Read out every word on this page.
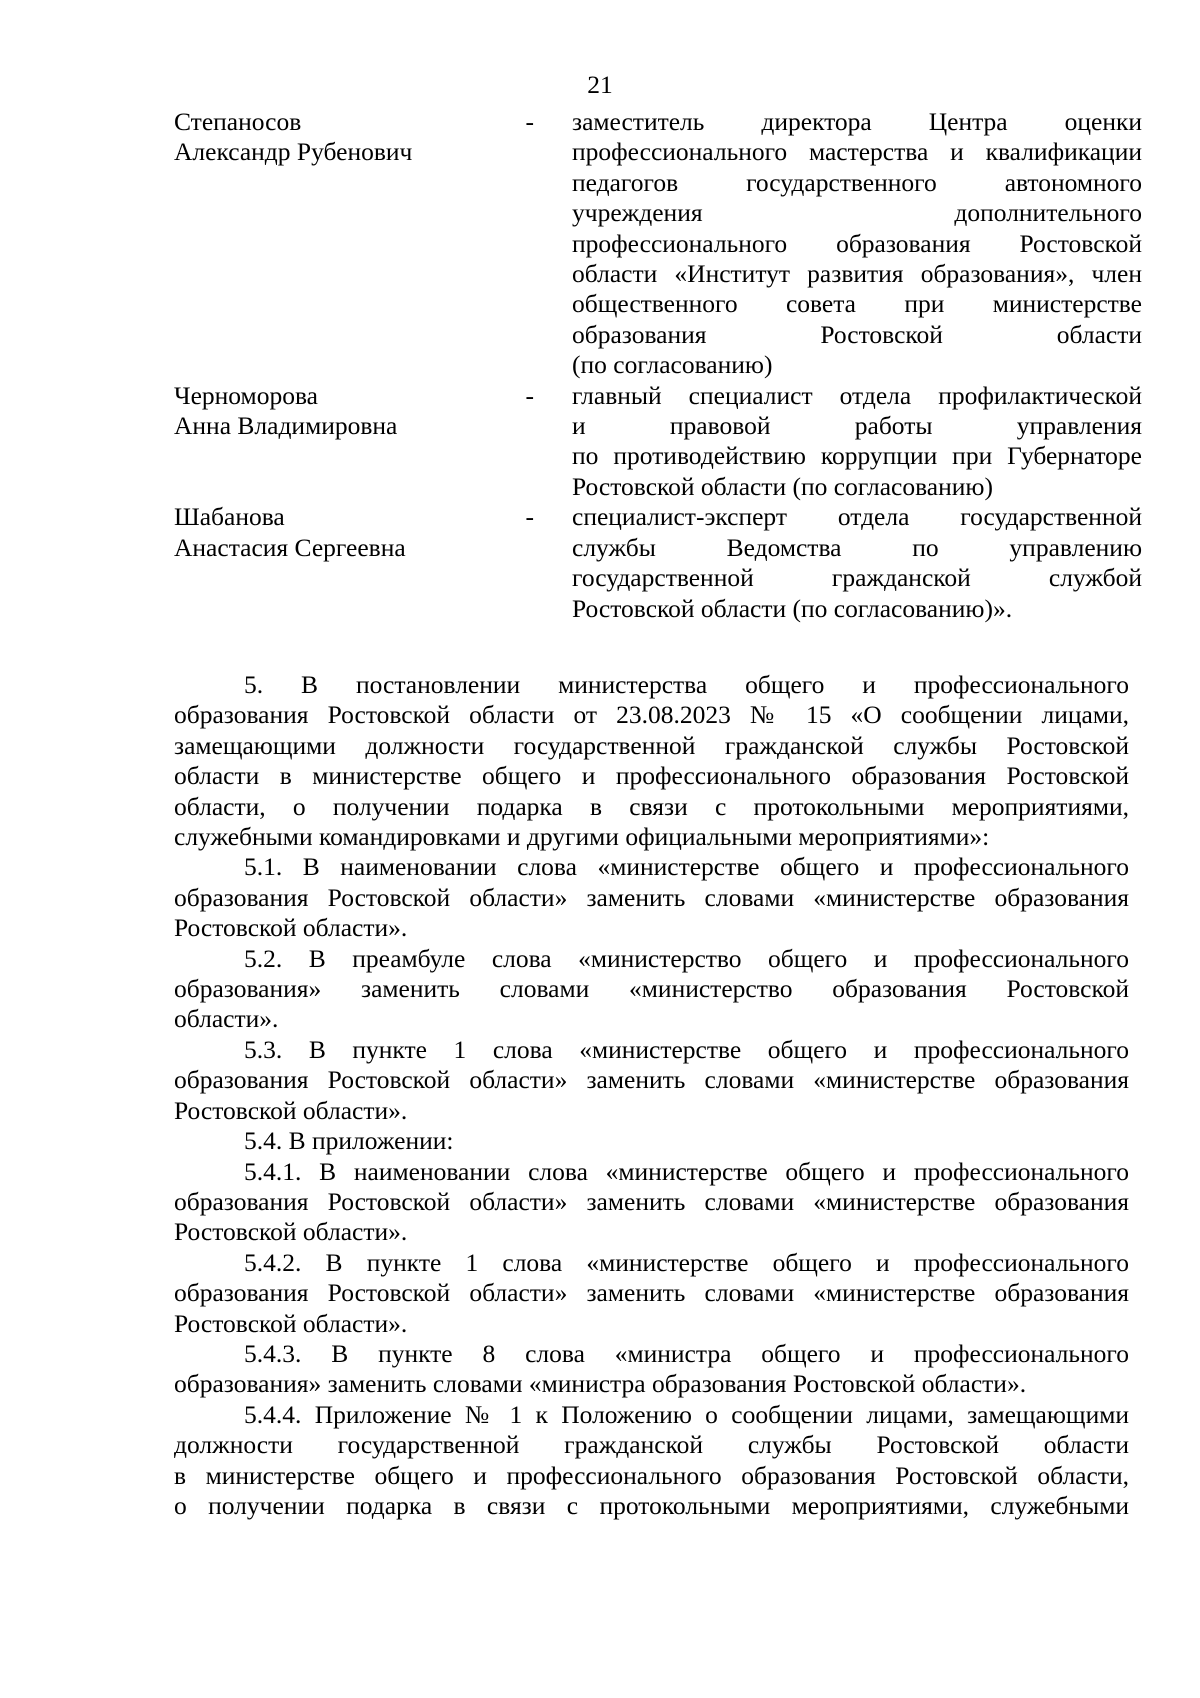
21
Степаносов
Александр Рубенович
- заместитель директора Центра оценки
профессионального мастерства и квалификации
педагогов государственного автономного
учреждения дополнительного
профессионального образования Ростовской
области «Институт развития образования», член
общественного совета при министерстве
образования Ростовской области
(по согласованию)
Черноморова
Анна Владимировна
- главный специалист отдела профилактической
и правовой работы управления
по противодействию коррупции при Губернаторе
Ростовской области (по согласованию)
Шабанова
Анастасия Сергеевна
- специалист-эксперт отдела государственной
службы Ведомства по управлению
государственной гражданской службой
Ростовской области (по согласованию)».

5. В постановлении министерства общего и профессионального
образования Ростовской области от 23.08.2023 № 15 «О сообщении лицами,
замещающими должности государственной гражданской службы Ростовской
области в министерстве общего и профессионального образования Ростовской
области, о получении подарка в связи с протокольными мероприятиями,
служебными командировками и другими официальными мероприятиями»:

5.1. В наименовании слова «министерстве общего и профессионального
образования Ростовской области» заменить словами «министерстве образования
Ростовской области».

5.2. В преамбуле слова «министерство общего и профессионального
образования» заменить словами «министерство образования Ростовской
области».

5.3. В пункте 1 слова «министерстве общего и профессионального
образования Ростовской области» заменить словами «министерстве образования
Ростовской области».

5.4. В приложении:

5.4.1. В наименовании слова «министерстве общего и профессионального
образования Ростовской области» заменить словами «министерстве образования
Ростовской области».

5.4.2. В пункте 1 слова «министерстве общего и профессионального
образования Ростовской области» заменить словами «министерстве образования
Ростовской области».

5.4.3. В пункте 8 слова «министра общего и профессионального
образования» заменить словами «министра образования Ростовской области».

5.4.4. Приложение № 1 к Положению о сообщении лицами, замещающими
должности государственной гражданской службы Ростовской области
в министерстве общего и профессионального образования Ростовской области,
о получении подарка в связи с протокольными мероприятиями, служебными
